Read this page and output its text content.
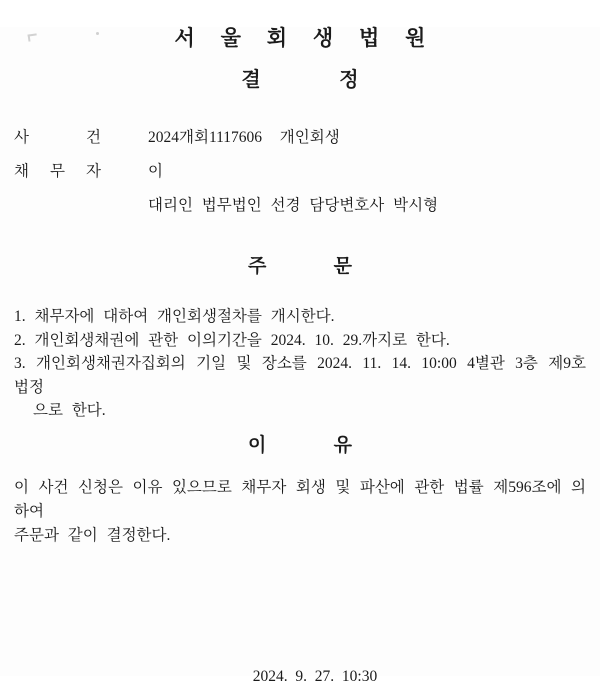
서 울 회 생 법 원
결 정
사 건	2024개회1117606  개인회생
채 무 자	이
대리인 법무법인 선경 담당변호사 박시형
주 문
1. 채무자에 대하여 개인회생절차를 개시한다.
2. 개인회생채권에 관한 이의기간을 2024. 10. 29.까지로 한다.
3. 개인회생채권자집회의 기일 및 장소를 2024. 11. 14. 10:00 4별관 3층 제9호 법정
으로 한다.
이 유
이 사건 신청은 이유 있으므로 채무자 회생 및 파산에 관한 법률 제596조에 의하여
주문과 같이 결정한다.
2024.  9.  27.  10:30
